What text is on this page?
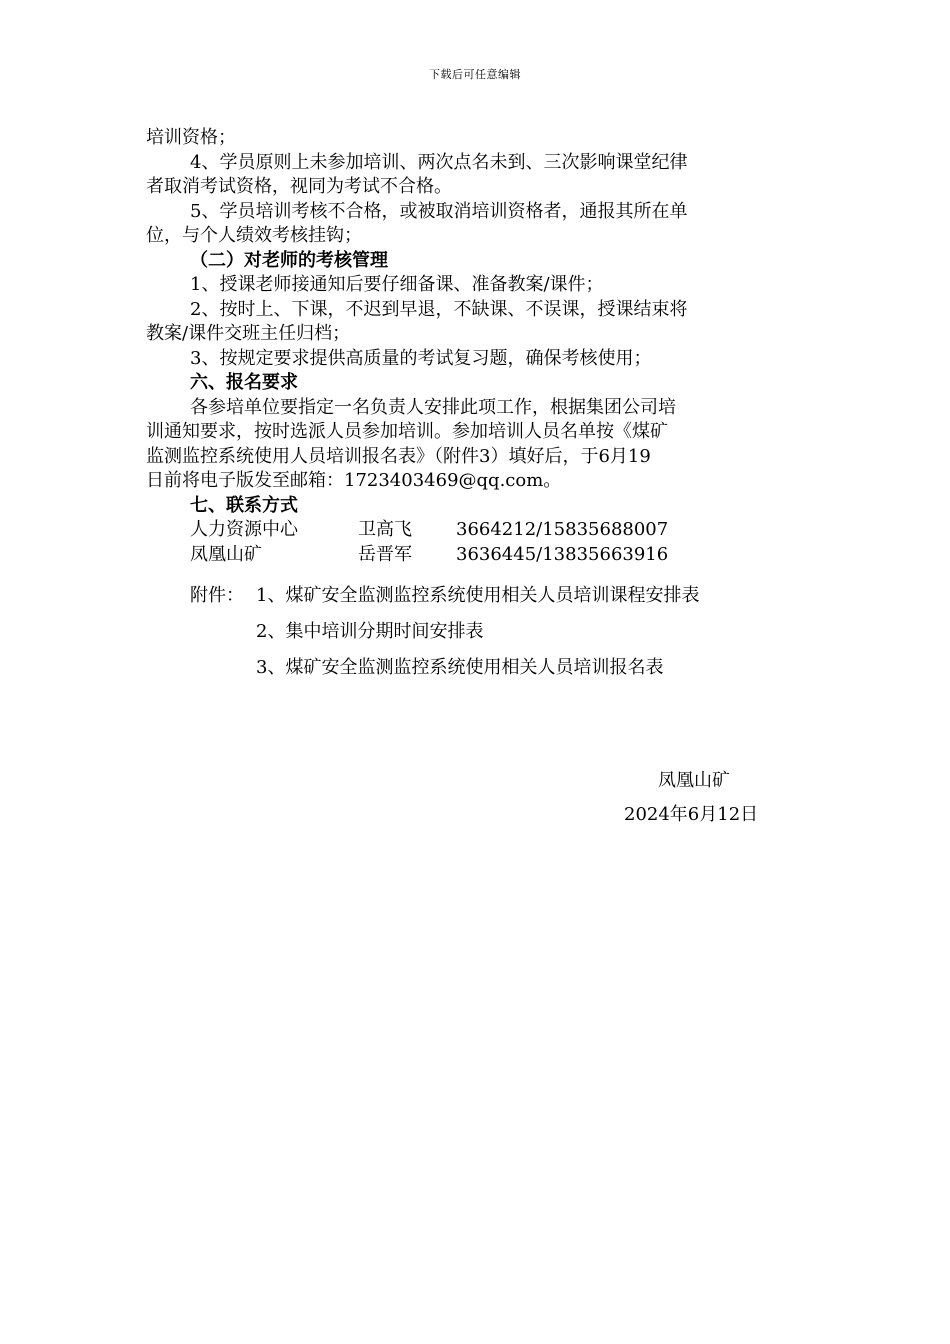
下载后可任意编辑
培训资格；
4、学员原则上未参加培训、两次点名未到、三次影响课堂纪律
者取消考试资格，视同为考试不合格。
5、学员培训考核不合格，或被取消培训资格者，通报其所在单
位，与个人绩效考核挂钩；
（二）对老师的考核管理
1、授课老师接通知后要仔细备课、准备教案/课件；
2、按时上、下课，不迟到早退，不缺课、不误课，授课结束将
教案/课件交班主任归档；
3、按规定要求提供高质量的考试复习题，确保考核使用；
六、报名要求
各参培单位要指定一名负责人安排此项工作，根据集团公司培
训通知要求，按时选派人员参加培训。参加培训人员名单按《煤矿
监测监控系统使用人员培训报名表》（附件3）填好后，于6月19
日前将电子版发至邮箱：1723403469@qq.com。
七、联系方式
人力资源中心	卫高飞 3664212/15835688007
凤凰山矿	岳晋军 3636445/13835663916
附件： 1、煤矿安全监测监控系统使用相关人员培训课程安排表
2、集中培训分期时间安排表
3、煤矿安全监测监控系统使用相关人员培训报名表
凤凰山矿
2024年6月12日
